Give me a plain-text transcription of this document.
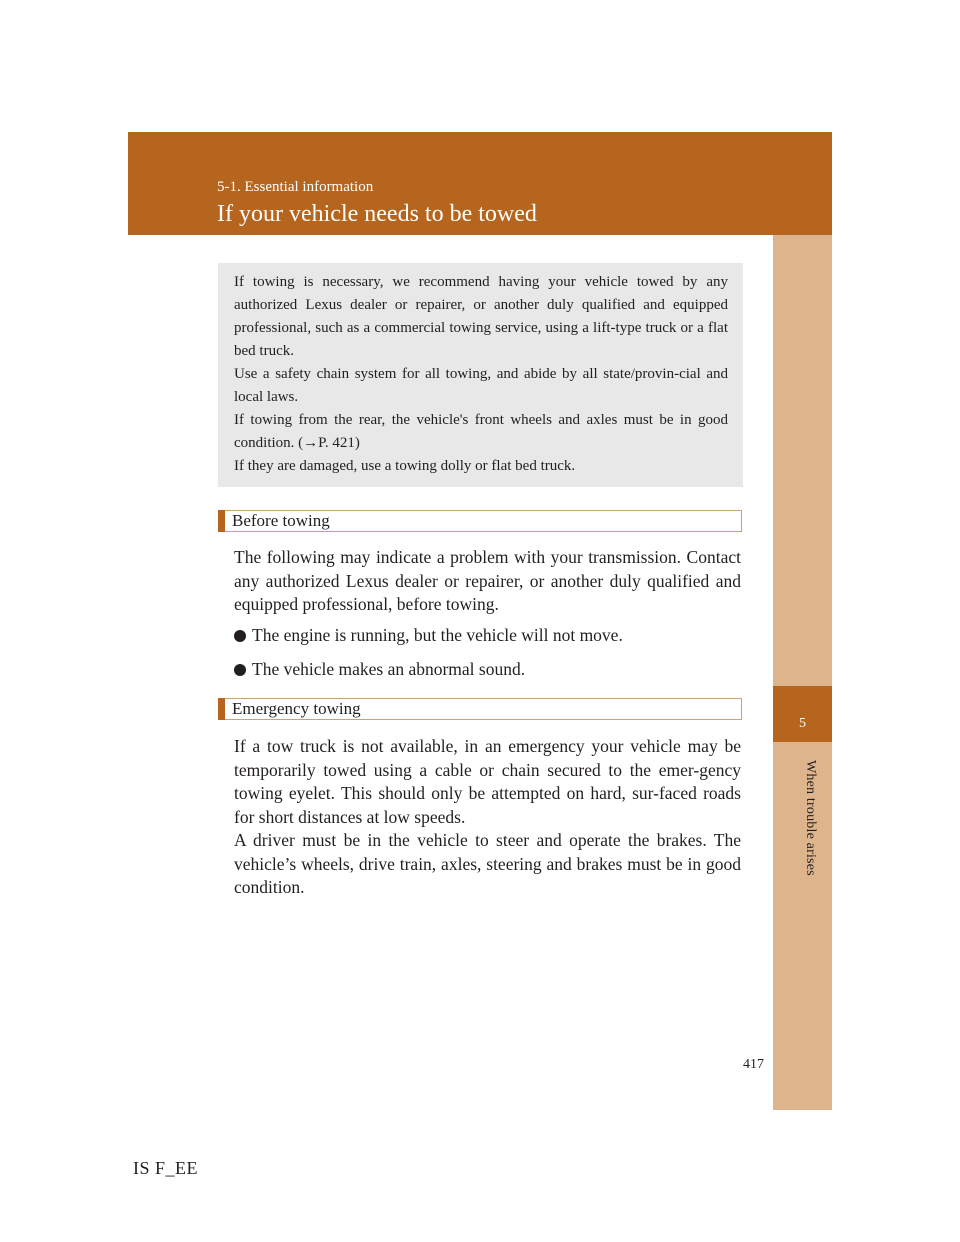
5-1. Essential information
If your vehicle needs to be towed
5
When trouble arises

If towing is necessary, we recommend having your vehicle towed by any authorized Lexus dealer or repairer, or another duly qualified and equipped professional, such as a commercial towing service, using a lift-type truck or a flat bed truck.

Use a safety chain system for all towing, and abide by all state/provin-cial and local laws.

If towing from the rear, the vehicle's front wheels and axles must be in good condition. (→P. 421)

If they are damaged, use a towing dolly or flat bed truck.

Before towing

The following may indicate a problem with your transmission. Contact any authorized Lexus dealer or repairer, or another duly qualified and equipped professional, before towing.

The engine is running, but the vehicle will not move.
The vehicle makes an abnormal sound.
Emergency towing

If a tow truck is not available, in an emergency your vehicle may be temporarily towed using a cable or chain secured to the emer-gency towing eyelet. This should only be attempted on hard, sur-faced roads for short distances at low speeds.

A driver must be in the vehicle to steer and operate the brakes. The vehicle’s wheels, drive train, axles, steering and brakes must be in good condition.

417
IS F_EE
